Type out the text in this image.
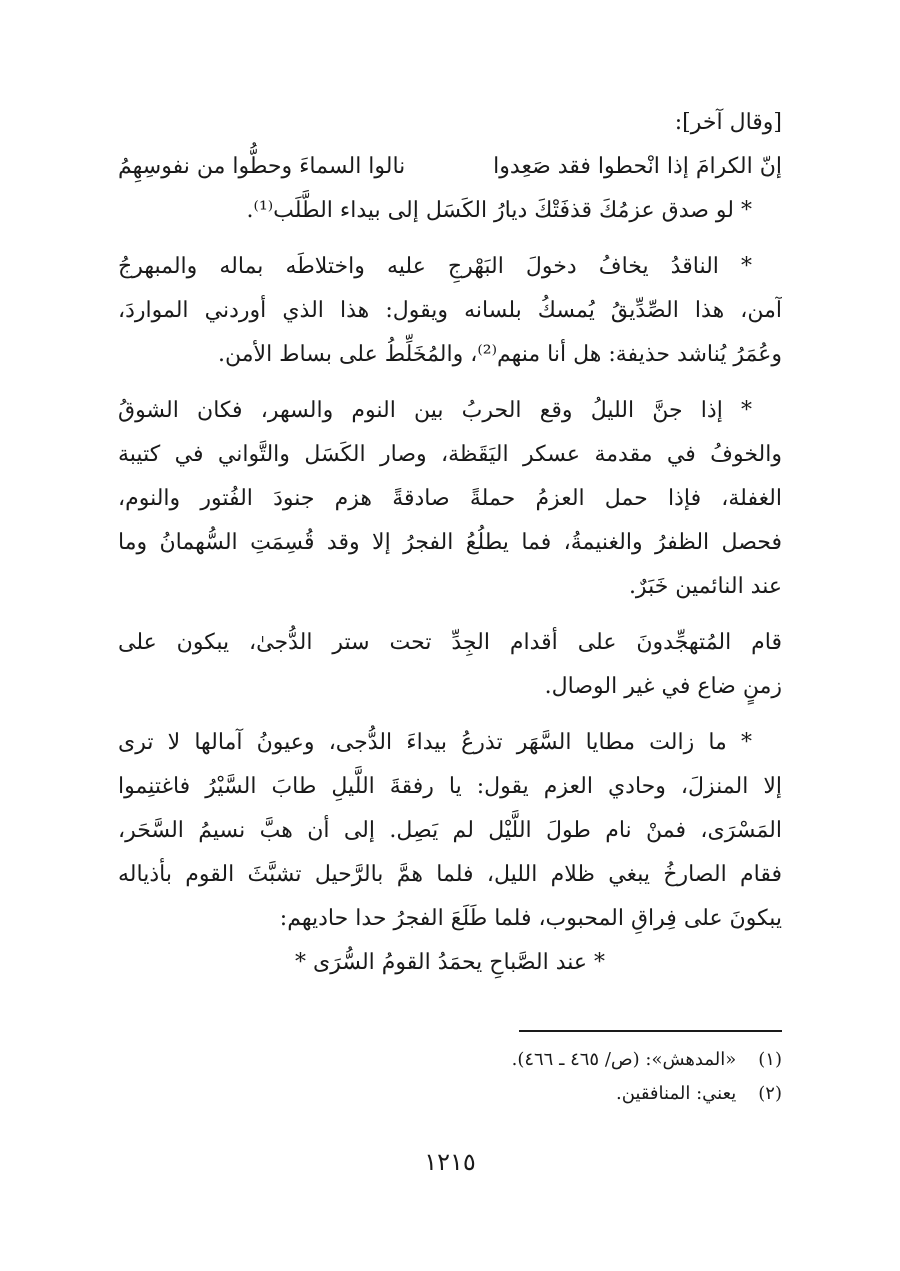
[وقال آخر]:
إنّ الكرامَ إذا انْحطوا فقد صَعِدوا
نالوا السماءَ وحطُّوا من نفوسِهِمُ
* لو صدق عزمُكَ قذفَتْكَ ديارُ الكَسَل إلى بيداء الطَّلَب⁽¹⁾.
* الناقدُ يخافُ دخولَ البَهْرجِ عليه واختلاطَه بماله والمبهرجُ
آمن، هذا الصِّدِّيقُ يُمسكُ بلسانه ويقول: هذا الذي أوردني المواردَ،
وعُمَرُ يُناشد حذيفة: هل أنا منهم⁽²⁾، والمُخَلِّطُ على بساط الأمن.
* إذا جنَّ الليلُ وقع الحربُ بين النوم والسهر، فكان الشوقُ
والخوفُ في مقدمة عسكر اليَقَظة، وصار الكَسَل والتَّواني في كتيبة
الغفلة، فإذا حمل العزمُ حملةً صادقةً هزم جنودَ الفُتور والنوم،
فحصل الظفرُ والغنيمةُ، فما يطلُعُ الفجرُ إلا وقد قُسِمَتِ السُّهمانُ وما
عند النائمين خَبَرٌ.
قام المُتهجِّدونَ على أقدام الجِدِّ تحت ستر الدُّجىٰ، يبكون على
زمنٍ ضاع في غير الوصال.
* ما زالت مطايا السَّهَر تذرعُ بيداءَ الدُّجى، وعيونُ آمالها لا ترى
إلا المنزلَ، وحادي العزم يقول: يا رفقةَ اللَّيلِ طابَ السَّيْرُ فاغتنِموا
المَسْرَى، فمنْ نام طولَ اللَّيْل لم يَصِل. إلى أن هبَّ نسيمُ السَّحَر،
فقام الصارخُ يبغي ظلام الليل، فلما همَّ بالرَّحيل تشبَّثَ القوم بأذياله
يبكونَ على فِراقِ المحبوب، فلما طَلَعَ الفجرُ حدا حاديهم:
* عند الصَّباحِ يحمَدُ القومُ السُّرَى *
(١) «المدهش»: (ص/ ٤٦٥ ـ ٤٦٦).
(٢) يعني: المنافقين.
١٢١٥
